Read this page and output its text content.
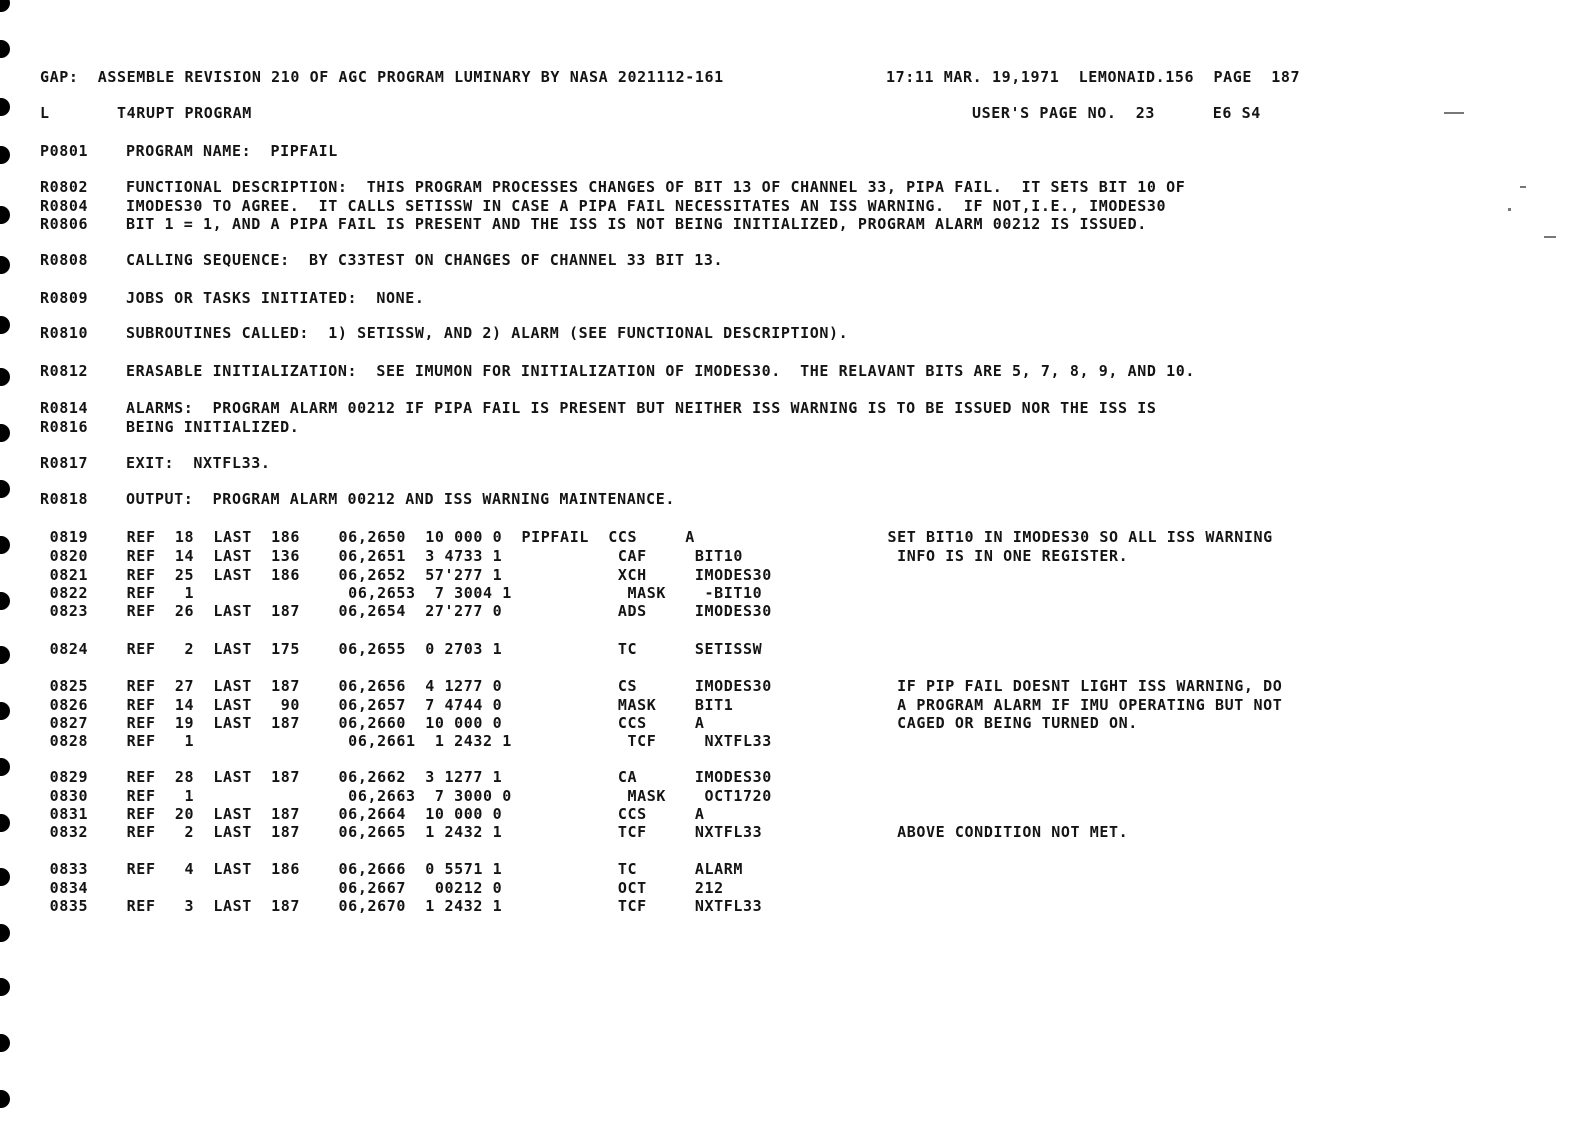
GAP:  ASSEMBLE REVISION 210 OF AGC PROGRAM LUMINARY BY NASA 2021112-161	17:11 MAR. 19,1971  LEMONAID.156  PAGE  187
L       T4RUPT PROGRAM	USER'S PAGE NO.  23      E6 S4
P0801
R0802
R0804
R0806
R0808
R0809
R0810
R0812
R0814
R0816
R0817
R0818
PROGRAM NAME:  PIPFAIL
FUNCTIONAL DESCRIPTION:  THIS PROGRAM PROCESSES CHANGES OF BIT 13 OF CHANNEL 33, PIPA FAIL.  IT SETS BIT 10 OF
IMODES30 TO AGREE.  IT CALLS SETISSW IN CASE A PIPA FAIL NECESSITATES AN ISS WARNING.  IF NOT,I.E., IMODES30
BIT 1 = 1, AND A PIPA FAIL IS PRESENT AND THE ISS IS NOT BEING INITIALIZED, PROGRAM ALARM 00212 IS ISSUED.
CALLING SEQUENCE:  BY C33TEST ON CHANGES OF CHANNEL 33 BIT 13.
JOBS OR TASKS INITIATED:  NONE.
SUBROUTINES CALLED:  1) SETISSW, AND 2) ALARM (SEE FUNCTIONAL DESCRIPTION).
ERASABLE INITIALIZATION:  SEE IMUMON FOR INITIALIZATION OF IMODES30.  THE RELAVANT BITS ARE 5, 7, 8, 9, AND 10.
ALARMS:  PROGRAM ALARM 00212 IF PIPA FAIL IS PRESENT BUT NEITHER ISS WARNING IS TO BE ISSUED NOR THE ISS IS
BEING INITIALIZED.
EXIT:  NXTFL33.
OUTPUT:  PROGRAM ALARM 00212 AND ISS WARNING MAINTENANCE.
0819    REF  18  LAST  186    06,2650  10 000 0  PIPFAIL  CCS     A                    SET BIT10 IN IMODES30 SO ALL ISS WARNING
0820    REF  14  LAST  136    06,2651  3 4733 1            CAF     BIT10                INFO IS IN ONE REGISTER.
0821    REF  25  LAST  186    06,2652  57'277 1            XCH     IMODES30
0822    REF   1                06,2653  7 3004 1            MASK    -BIT10
0823    REF  26  LAST  187    06,2654  27'277 0            ADS     IMODES30
0824    REF   2  LAST  175    06,2655  0 2703 1            TC      SETISSW
0825    REF  27  LAST  187    06,2656  4 1277 0            CS      IMODES30             IF PIP FAIL DOESNT LIGHT ISS WARNING, DO
0826    REF  14  LAST   90    06,2657  7 4744 0            MASK    BIT1                 A PROGRAM ALARM IF IMU OPERATING BUT NOT
0827    REF  19  LAST  187    06,2660  10 000 0            CCS     A                    CAGED OR BEING TURNED ON.
0828    REF   1                06,2661  1 2432 1            TCF     NXTFL33
0829    REF  28  LAST  187    06,2662  3 1277 1            CA      IMODES30
0830    REF   1                06,2663  7 3000 0            MASK    OCT1720
0831    REF  20  LAST  187    06,2664  10 000 0            CCS     A
0832    REF   2  LAST  187    06,2665  1 2432 1            TCF     NXTFL33              ABOVE CONDITION NOT MET.
0833    REF   4  LAST  186    06,2666  0 5571 1            TC      ALARM
0834                          06,2667   00212 0            OCT     212
0835    REF   3  LAST  187    06,2670  1 2432 1            TCF     NXTFL33
